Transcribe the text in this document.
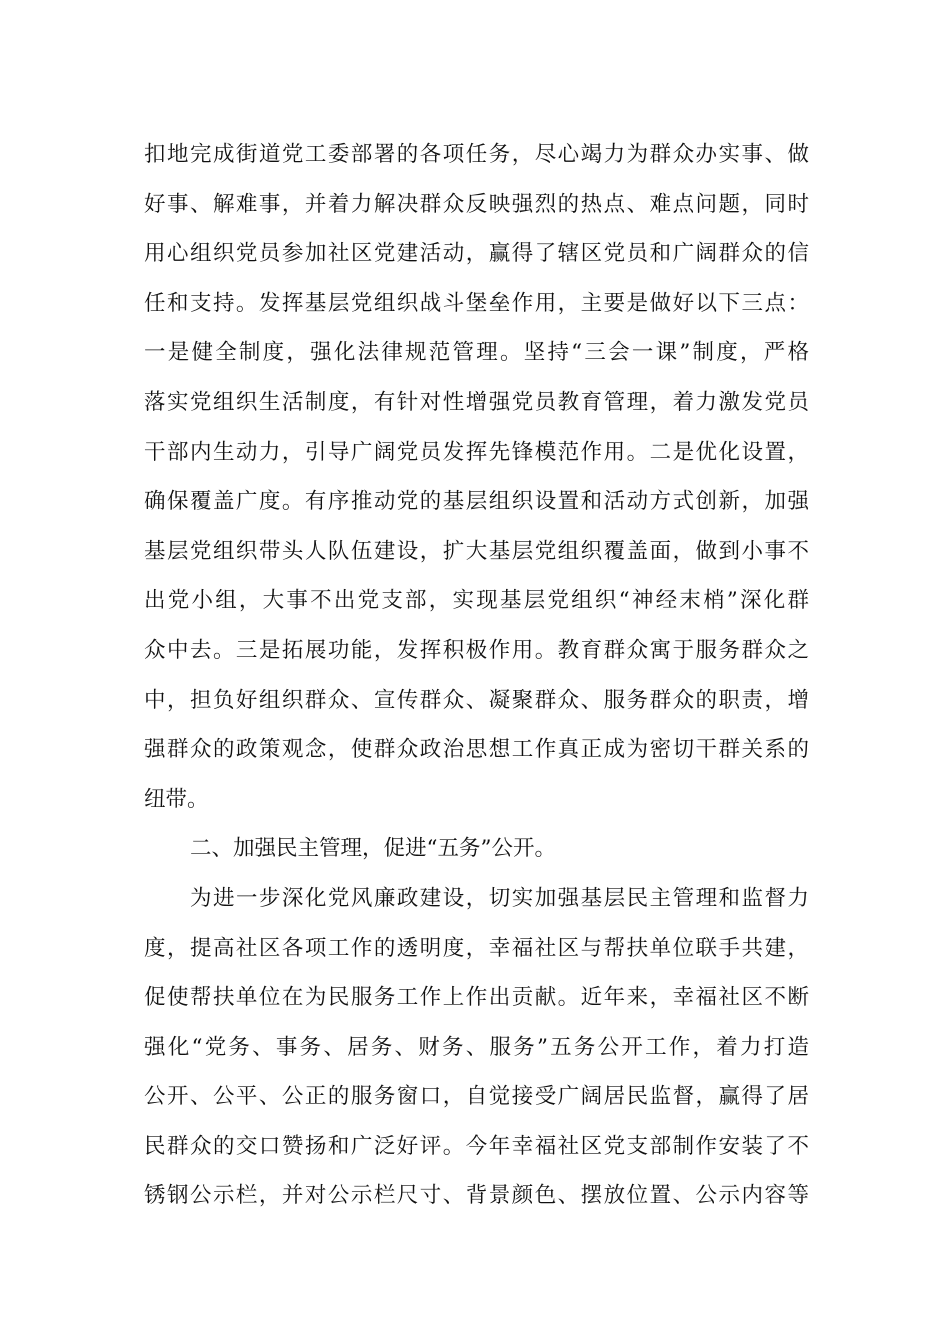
扣地完成街道党工委部署的各项任务，尽心竭力为群众办实事、做
好事、解难事，并着力解决群众反映强烈的热点、难点问题，同时
用心组织党员参加社区党建活动，赢得了辖区党员和广阔群众的信
任和支持。发挥基层党组织战斗堡垒作用，主要是做好以下三点：
一是健全制度，强化法律规范管理。坚持“三会一课”制度，严格
落实党组织生活制度，有针对性增强党员教育管理，着力激发党员
干部内生动力，引导广阔党员发挥先锋模范作用。二是优化设置，
确保覆盖广度。有序推动党的基层组织设置和活动方式创新，加强
基层党组织带头人队伍建设，扩大基层党组织覆盖面，做到小事不
出党小组，大事不出党支部，实现基层党组织“神经末梢”深化群
众中去。三是拓展功能，发挥积极作用。教育群众寓于服务群众之
中，担负好组织群众、宣传群众、凝聚群众、服务群众的职责，增
强群众的政策观念，使群众政治思想工作真正成为密切干群关系的
纽带。
二、加强民主管理，促进“五务”公开。
为进一步深化党风廉政建设，切实加强基层民主管理和监督力
度，提高社区各项工作的透明度，幸福社区与帮扶单位联手共建，
促使帮扶单位在为民服务工作上作出贡献。近年来，幸福社区不断
强化“党务、事务、居务、财务、服务”五务公开工作，着力打造
公开、公平、公正的服务窗口，自觉接受广阔居民监督，赢得了居
民群众的交口赞扬和广泛好评。今年幸福社区党支部制作安装了不
锈钢公示栏，并对公示栏尺寸、背景颜色、摆放位置、公示内容等
